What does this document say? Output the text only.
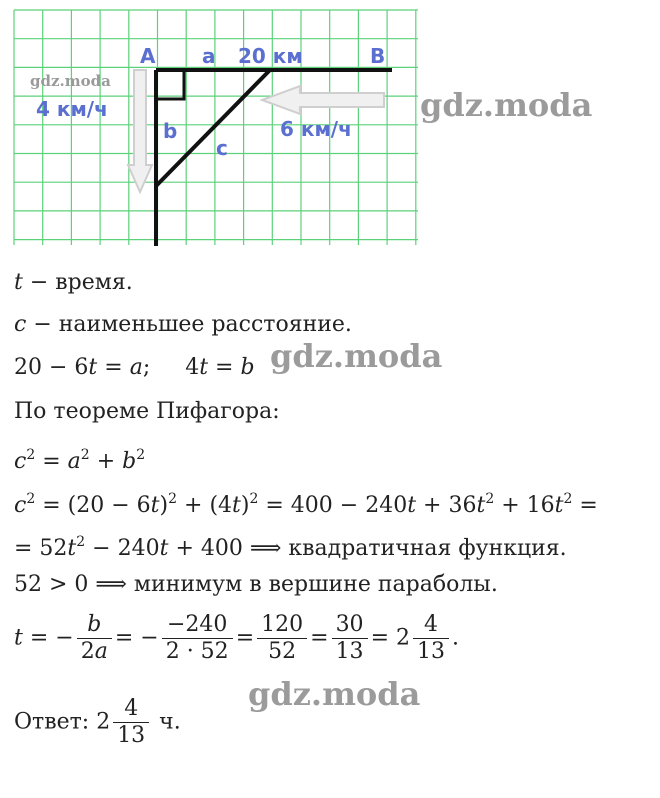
A a 20 км	B
4 км/ч
b
c
6 км/ч
gdz.moda
gdz.moda
gdz.moda
gdz.moda
t − время.
c − наименьшее расстояние.
20 − 6t = a;     4t = b
По теореме Пифагора:
$c^2 = a^2 + b^2$
$c^2 = (20 - 6t)^2 + (4t)^2 = 400 - 240t + 36t^2 + 16t^2$ =
= $52t^2 - 240t + 400$ ⟹ квадратичная функция.
52 > 0 ⟹ минимум в вершине параболы.
t = − $\frac{b}{2a}$ = − $\frac{-240}{2 \cdot 52} = \frac{120}{52} = \frac{30}{13} = 2 \frac{4}{13}$ .
Ответ: $2 \frac{4}{13} ч$.
